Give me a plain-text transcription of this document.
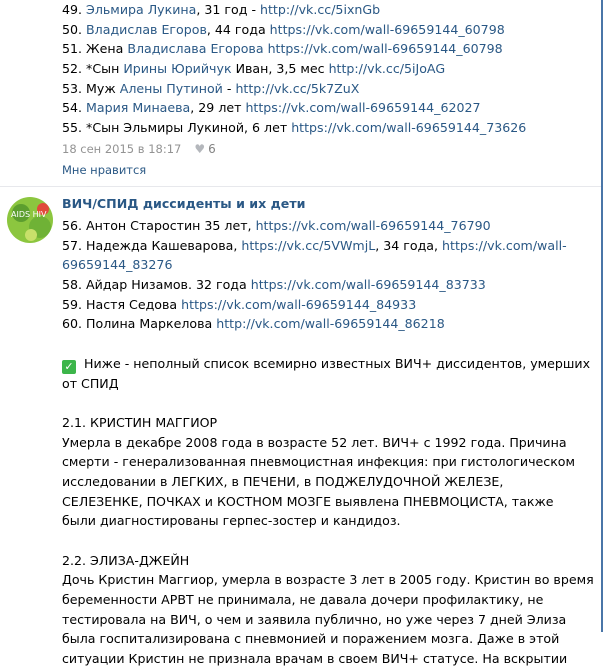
49. Эльмира Лукина, 31 год - http://vk.cc/5ixnGb
50. Владислав Егоров, 44 года https://vk.com/wall-69659144_60798
51. Жена Владислава Егорова https://vk.com/wall-69659144_60798
52. *Сын Ирины Юрийчук Иван, 3,5 мес http://vk.cc/5iJoAG
53. Муж Алены Путиной - http://vk.cc/5k7ZuX
54. Мария Минаева, 29 лет https://vk.com/wall-69659144_62027
55. *Сын Эльмиры Лукиной, 6 лет https://vk.com/wall-69659144_73626
18 сен 2015 в 18:17 ♥ 6
Мне нравится
AIDS HIV
ВИЧ/СПИД диссиденты и их дети
56. Антон Старостин 35 лет, https://vk.com/wall-69659144_76790
57. Надежда Кашеварова, https://vk.cc/5VWmjL, 34 года, https://vk.com/wall-
69659144_83276
58. Айдар Низамов. 32 года https://vk.com/wall-69659144_83733
59. Настя Седова https://vk.com/wall-69659144_84933
60. Полина Маркелова http://vk.com/wall-69659144_86218
✓ Ниже - неполный список всемирно известных ВИЧ+ диссидентов, умерших
от СПИД
2.1. КРИСТИН МАГГИОР
Умерла в декабре 2008 года в возрасте 52 лет. ВИЧ+ с 1992 года. Причина
смерти - генерализованная пневмоцистная инфекция: при гистологическом
исследовании в ЛЕГКИХ, в ПЕЧЕНИ, в ПОДЖЕЛУДОЧНОЙ ЖЕЛЕЗЕ,
СЕЛЕЗЕНКЕ, ПОЧКАХ и КОСТНОМ МОЗГЕ выявлена ПНЕВМОЦИСТА, также
были диагностированы герпес-зостер и кандидоз.
2.2. ЭЛИЗА-ДЖЕЙН
Дочь Кристин Маггиор, умерла в возрасте 3 лет в 2005 году. Кристин во время
беременности АРВТ не принимала, не давала дочери профилактику, не
тестировала на ВИЧ, о чем и заявила публично, но уже через 7 дней Элиза
была госпитализирована с пневмонией и поражением мозга. Даже в этой
ситуации Кристин не признала врачам в своем ВИЧ+ статусе. На вскрытии
